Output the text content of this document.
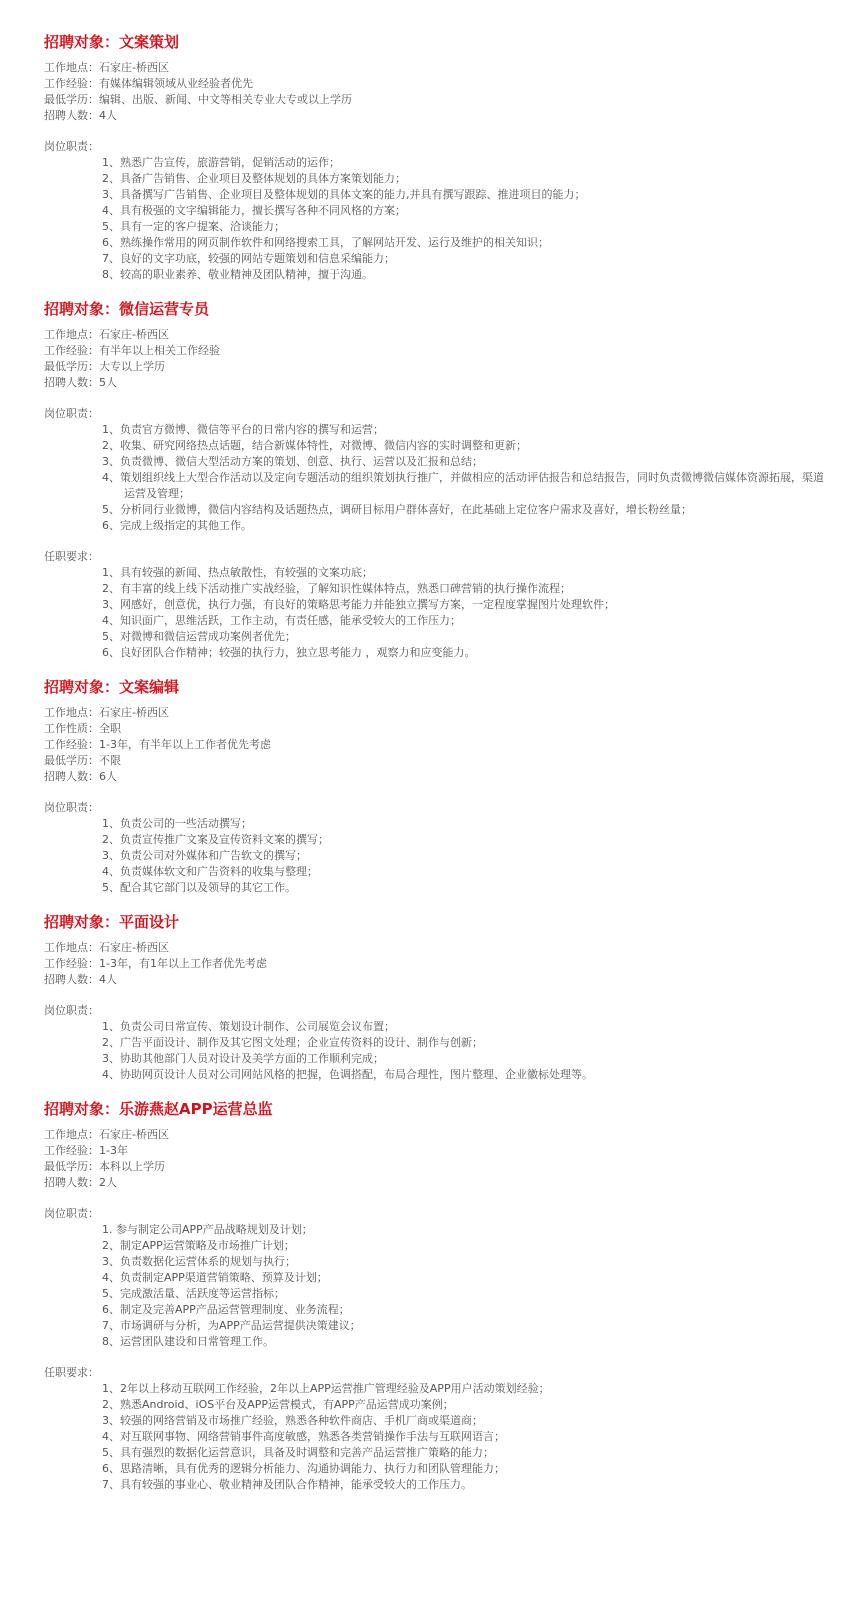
招聘对象：文案策划
工作地点：石家庄-桥西区
工作经验：有媒体编辑领域从业经验者优先
最低学历：编辑、出版、新闻、中文等相关专业大专或以上学历
招聘人数：4人
岗位职责：
1、熟悉广告宣传，旅游营销，促销活动的运作；
2、具备广告销售、企业项目及整体规划的具体方案策划能力；
3、具备撰写广告销售、企业项目及整体规划的具体文案的能力,并具有撰写跟踪、推进项目的能力；
4、具有极强的文字编辑能力，擅长撰写各种不同风格的方案；
5、具有一定的客户提案、洽谈能力；
6、熟练操作常用的网页制作软件和网络搜索工具，了解网站开发、运行及维护的相关知识；
7、良好的文字功底，较强的网站专题策划和信息采编能力；
8、较高的职业素养、敬业精神及团队精神，擅于沟通。
招聘对象：微信运营专员
工作地点：石家庄-桥西区
工作经验：有半年以上相关工作经验
最低学历：大专以上学历
招聘人数：5人
岗位职责：
1、负责官方微博、微信等平台的日常内容的撰写和运营；
2、收集、研究网络热点话题，结合新媒体特性，对微博、微信内容的实时调整和更新；
3、负责微博、微信大型活动方案的策划、创意、执行、运营以及汇报和总结；
4、策划组织线上大型合作活动以及定向专题活动的组织策划执行推广，并做相应的活动评估报告和总结报告，同时负责微博微信媒体资源拓展，渠道运营及管理；
5、分析同行业微博，微信内容结构及话题热点，调研目标用户群体喜好，在此基础上定位客户需求及喜好，增长粉丝量；
6、完成上级指定的其他工作。
任职要求：
1、具有较强的新闻、热点敏散性，有较强的文案功底；
2、有丰富的线上线下活动推广实战经验，了解知识性媒体特点，熟悉口碑营销的执行操作流程；
3、网感好，创意优，执行力强，有良好的策略思考能力并能独立撰写方案，一定程度掌握图片处理软件；
4、知识面广，思维活跃，工作主动，有责任感，能承受较大的工作压力；
5、对微博和微信运营成功案例者优先；
6、良好团队合作精神；较强的执行力，独立思考能力 ，观察力和应变能力。
招聘对象：文案编辑
工作地点：石家庄-桥西区
工作性质：全职
工作经验：1-3年，有半年以上工作者优先考虑
最低学历：不限
招聘人数：6人
岗位职责：
1、负责公司的一些活动撰写；
2、负责宣传推广文案及宣传资料文案的撰写；
3、负责公司对外媒体和广告软文的撰写；
4、负责媒体软文和广告资料的收集与整理；
5、配合其它部门以及领导的其它工作。
招聘对象：平面设计
工作地点：石家庄-桥西区
工作经验：1-3年，有1年以上工作者优先考虑
招聘人数：4人
岗位职责：
1、负责公司日常宣传、策划设计制作、公司展览会议布置；
2、广告平面设计、制作及其它图文处理；企业宣传资料的设计、制作与创新；
3、协助其他部门人员对设计及美学方面的工作顺利完成；
4、协助网页设计人员对公司网站风格的把握，色调搭配，布局合理性，图片整理、企业徽标处理等。
招聘对象：乐游燕赵APP运营总监
工作地点：石家庄-桥西区
工作经验：1-3年
最低学历：本科以上学历
招聘人数：2人
岗位职责：
1. 参与制定公司APP产品战略规划及计划；
2、制定APP运营策略及市场推广计划；
3、负责数据化运营体系的规划与执行；
4、负责制定APP渠道营销策略、预算及计划；
5、完成激活量、活跃度等运营指标；
6、制定及完善APP产品运营管理制度、业务流程；
7、市场调研与分析，为APP产品运营提供决策建议；
8、运营团队建设和日常管理工作。
任职要求：
1、2年以上移动互联网工作经验，2年以上APP运营推广管理经验及APP用户活动策划经验；
2、熟悉Android、iOS平台及APP运营模式，有APP产品运营成功案例；
3、较强的网络营销及市场推广经验，熟悉各种软件商店、手机厂商或渠道商；
4、对互联网事物、网络营销事件高度敏感，熟悉各类营销操作手法与互联网语言；
5、具有强烈的数据化运营意识，具备及时调整和完善产品运营推广策略的能力；
6、思路清晰，具有优秀的逻辑分析能力、沟通协调能力、执行力和团队管理能力；
7、具有较强的事业心、敬业精神及团队合作精神，能承受较大的工作压力。
